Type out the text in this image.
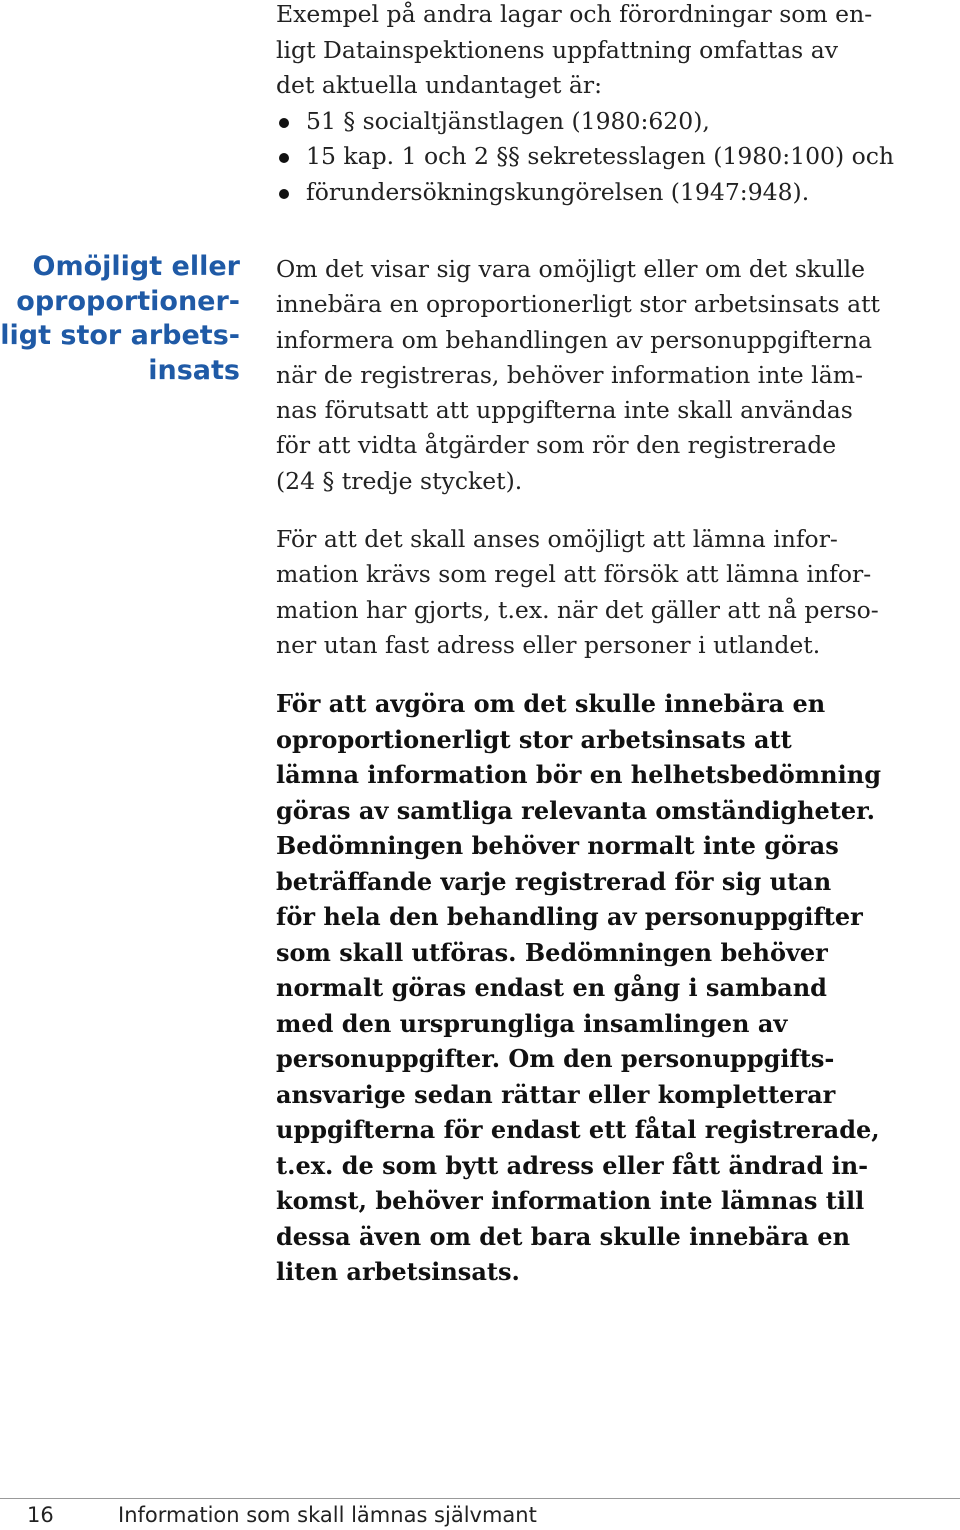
Exempel på andra lagar och förordningar som en-
ligt Datainspektionens uppfattning omfattas av
det aktuella undantaget är:
51 § socialtjänstlagen (1980:620),
15 kap. 1 och 2 §§ sekretesslagen (1980:100) och
förundersökningskungörelsen (1947:948).
Omöjligt eller
oproportioner-
ligt stor arbets-
insats
Om det visar sig vara omöjligt eller om det skulle
innebära en oproportionerligt stor arbetsinsats att
informera om behandlingen av personuppgifterna
när de registreras, behöver information inte läm-
nas förutsatt att uppgifterna inte skall användas
för att vidta åtgärder som rör den registrerade
(24 § tredje stycket).
För att det skall anses omöjligt att lämna infor-
mation krävs som regel att försök att lämna infor-
mation har gjorts, t.ex. när det gäller att nå perso-
ner utan fast adress eller personer i utlandet.
För att avgöra om det skulle innebära en
oproportionerligt stor arbetsinsats att
lämna information bör en helhetsbedömning
göras av samtliga relevanta omständigheter.
Bedömningen behöver normalt inte göras
beträffande varje registrerad för sig utan
för hela den behandling av personuppgifter
som skall utföras. Bedömningen behöver
normalt göras endast en gång i samband
med den ursprungliga insamlingen av
personuppgifter. Om den personuppgifts-
ansvarige sedan rättar eller kompletterar
uppgifterna för endast ett fåtal registrerade,
t.ex. de som bytt adress eller fått ändrad in-
komst, behöver information inte lämnas till
dessa även om det bara skulle innebära en
liten arbetsinsats.
16	Information som skall lämnas självmant
